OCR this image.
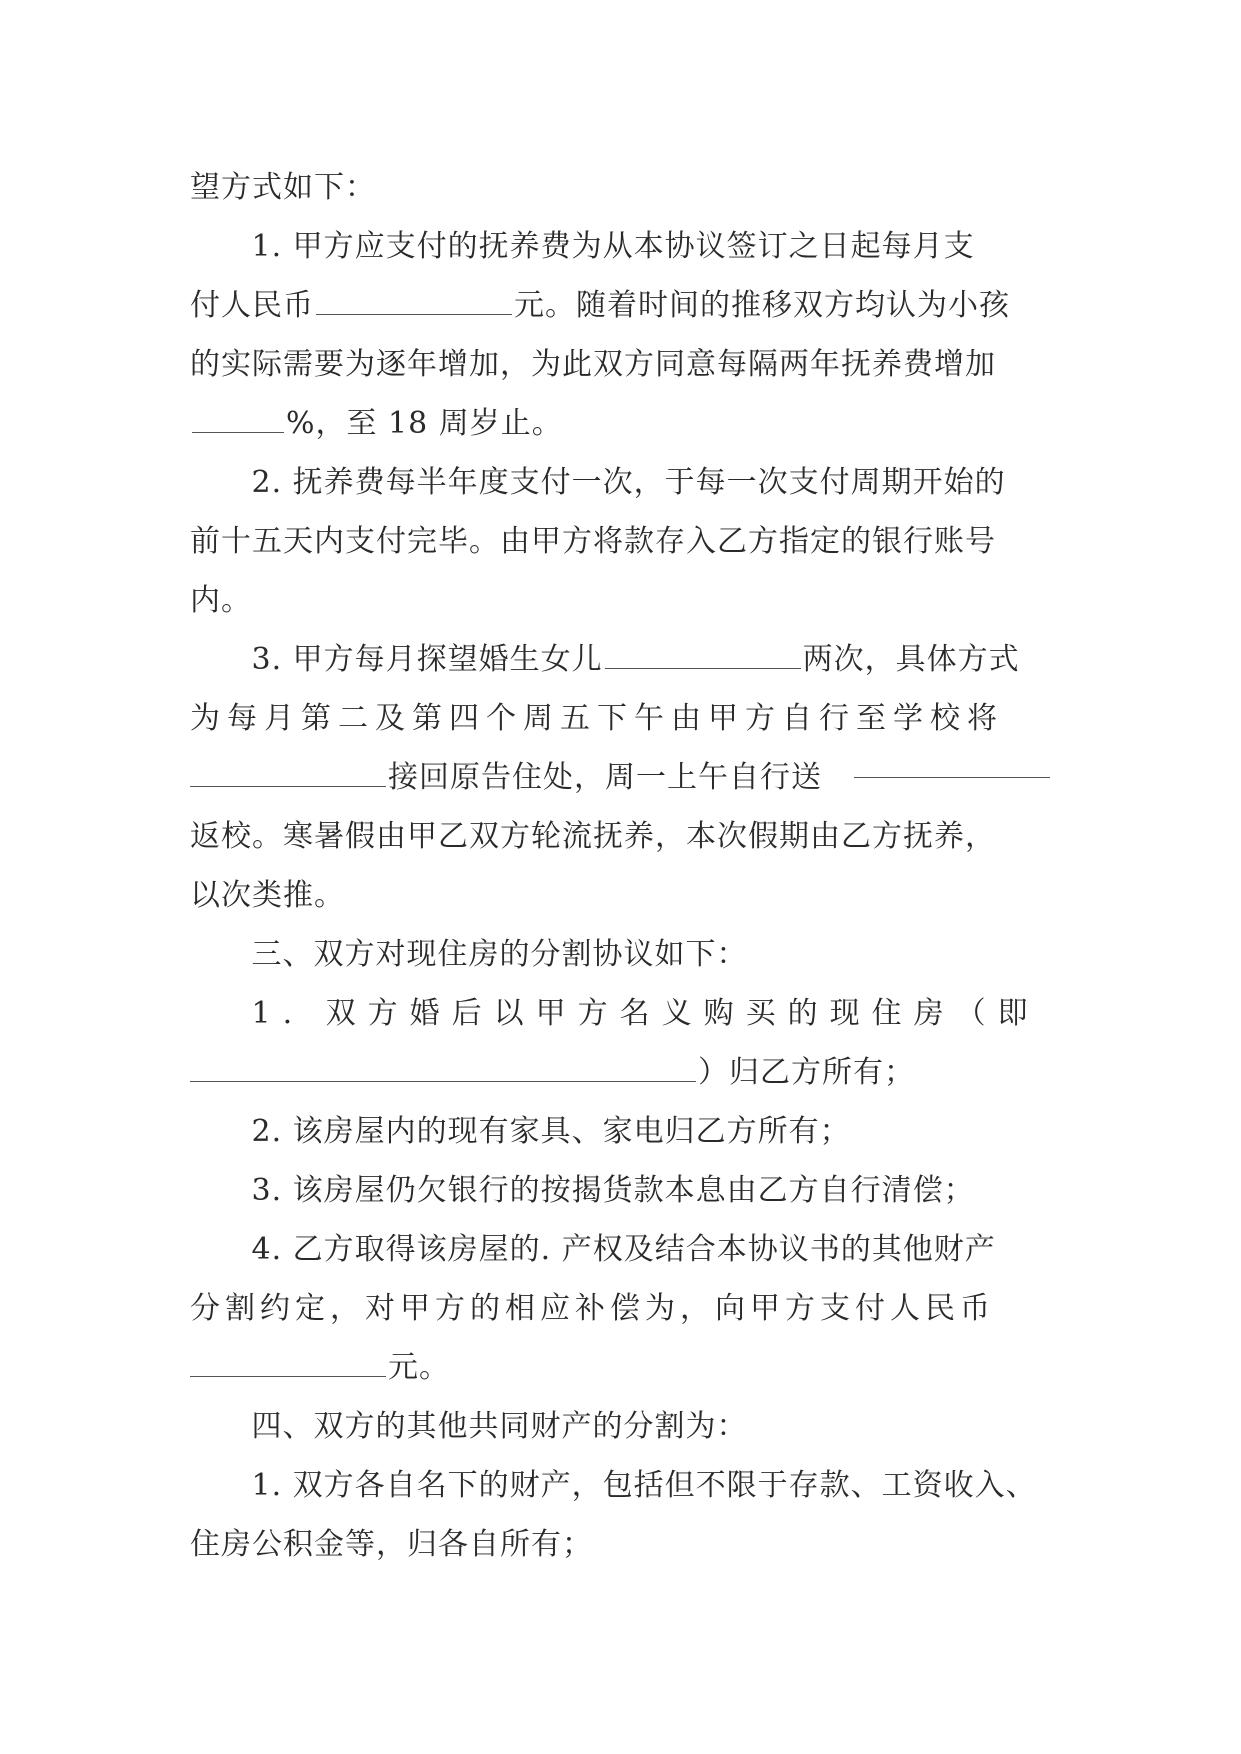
望方式如下：

1. 甲方应支付的抚养费为从本协议签订之日起每月支

付人民币	元。随着时间的推移双方均认为小孩

的实际需要为逐年增加，为此双方同意每隔两年抚养费增加

%，至 18 周岁止。

2. 抚养费每半年度支付一次，于每一次支付周期开始的

前十五天内支付完毕。由甲方将款存入乙方指定的银行账号

内。

3. 甲方每月探望婚生女儿	两次，具体方式

为每月第二及第四个周五下午由甲方自行至学校将

接回原告住处，周一上午自行送

返校。寒暑假由甲乙双方轮流抚养，本次假期由乙方抚养，

以次类推。

三、双方对现住房的分割协议如下：

1. 双方婚后以甲方名义购买的现住房（即

）归乙方所有；

2. 该房屋内的现有家具、家电归乙方所有；

3. 该房屋仍欠银行的按揭货款本息由乙方自行清偿；

4. 乙方取得该房屋的. 产权及结合本协议书的其他财产

分割约定，对甲方的相应补偿为，向甲方支付人民币

元。

四、双方的其他共同财产的分割为：

1. 双方各自名下的财产，包括但不限于存款、工资收入、

住房公积金等，归各自所有；
